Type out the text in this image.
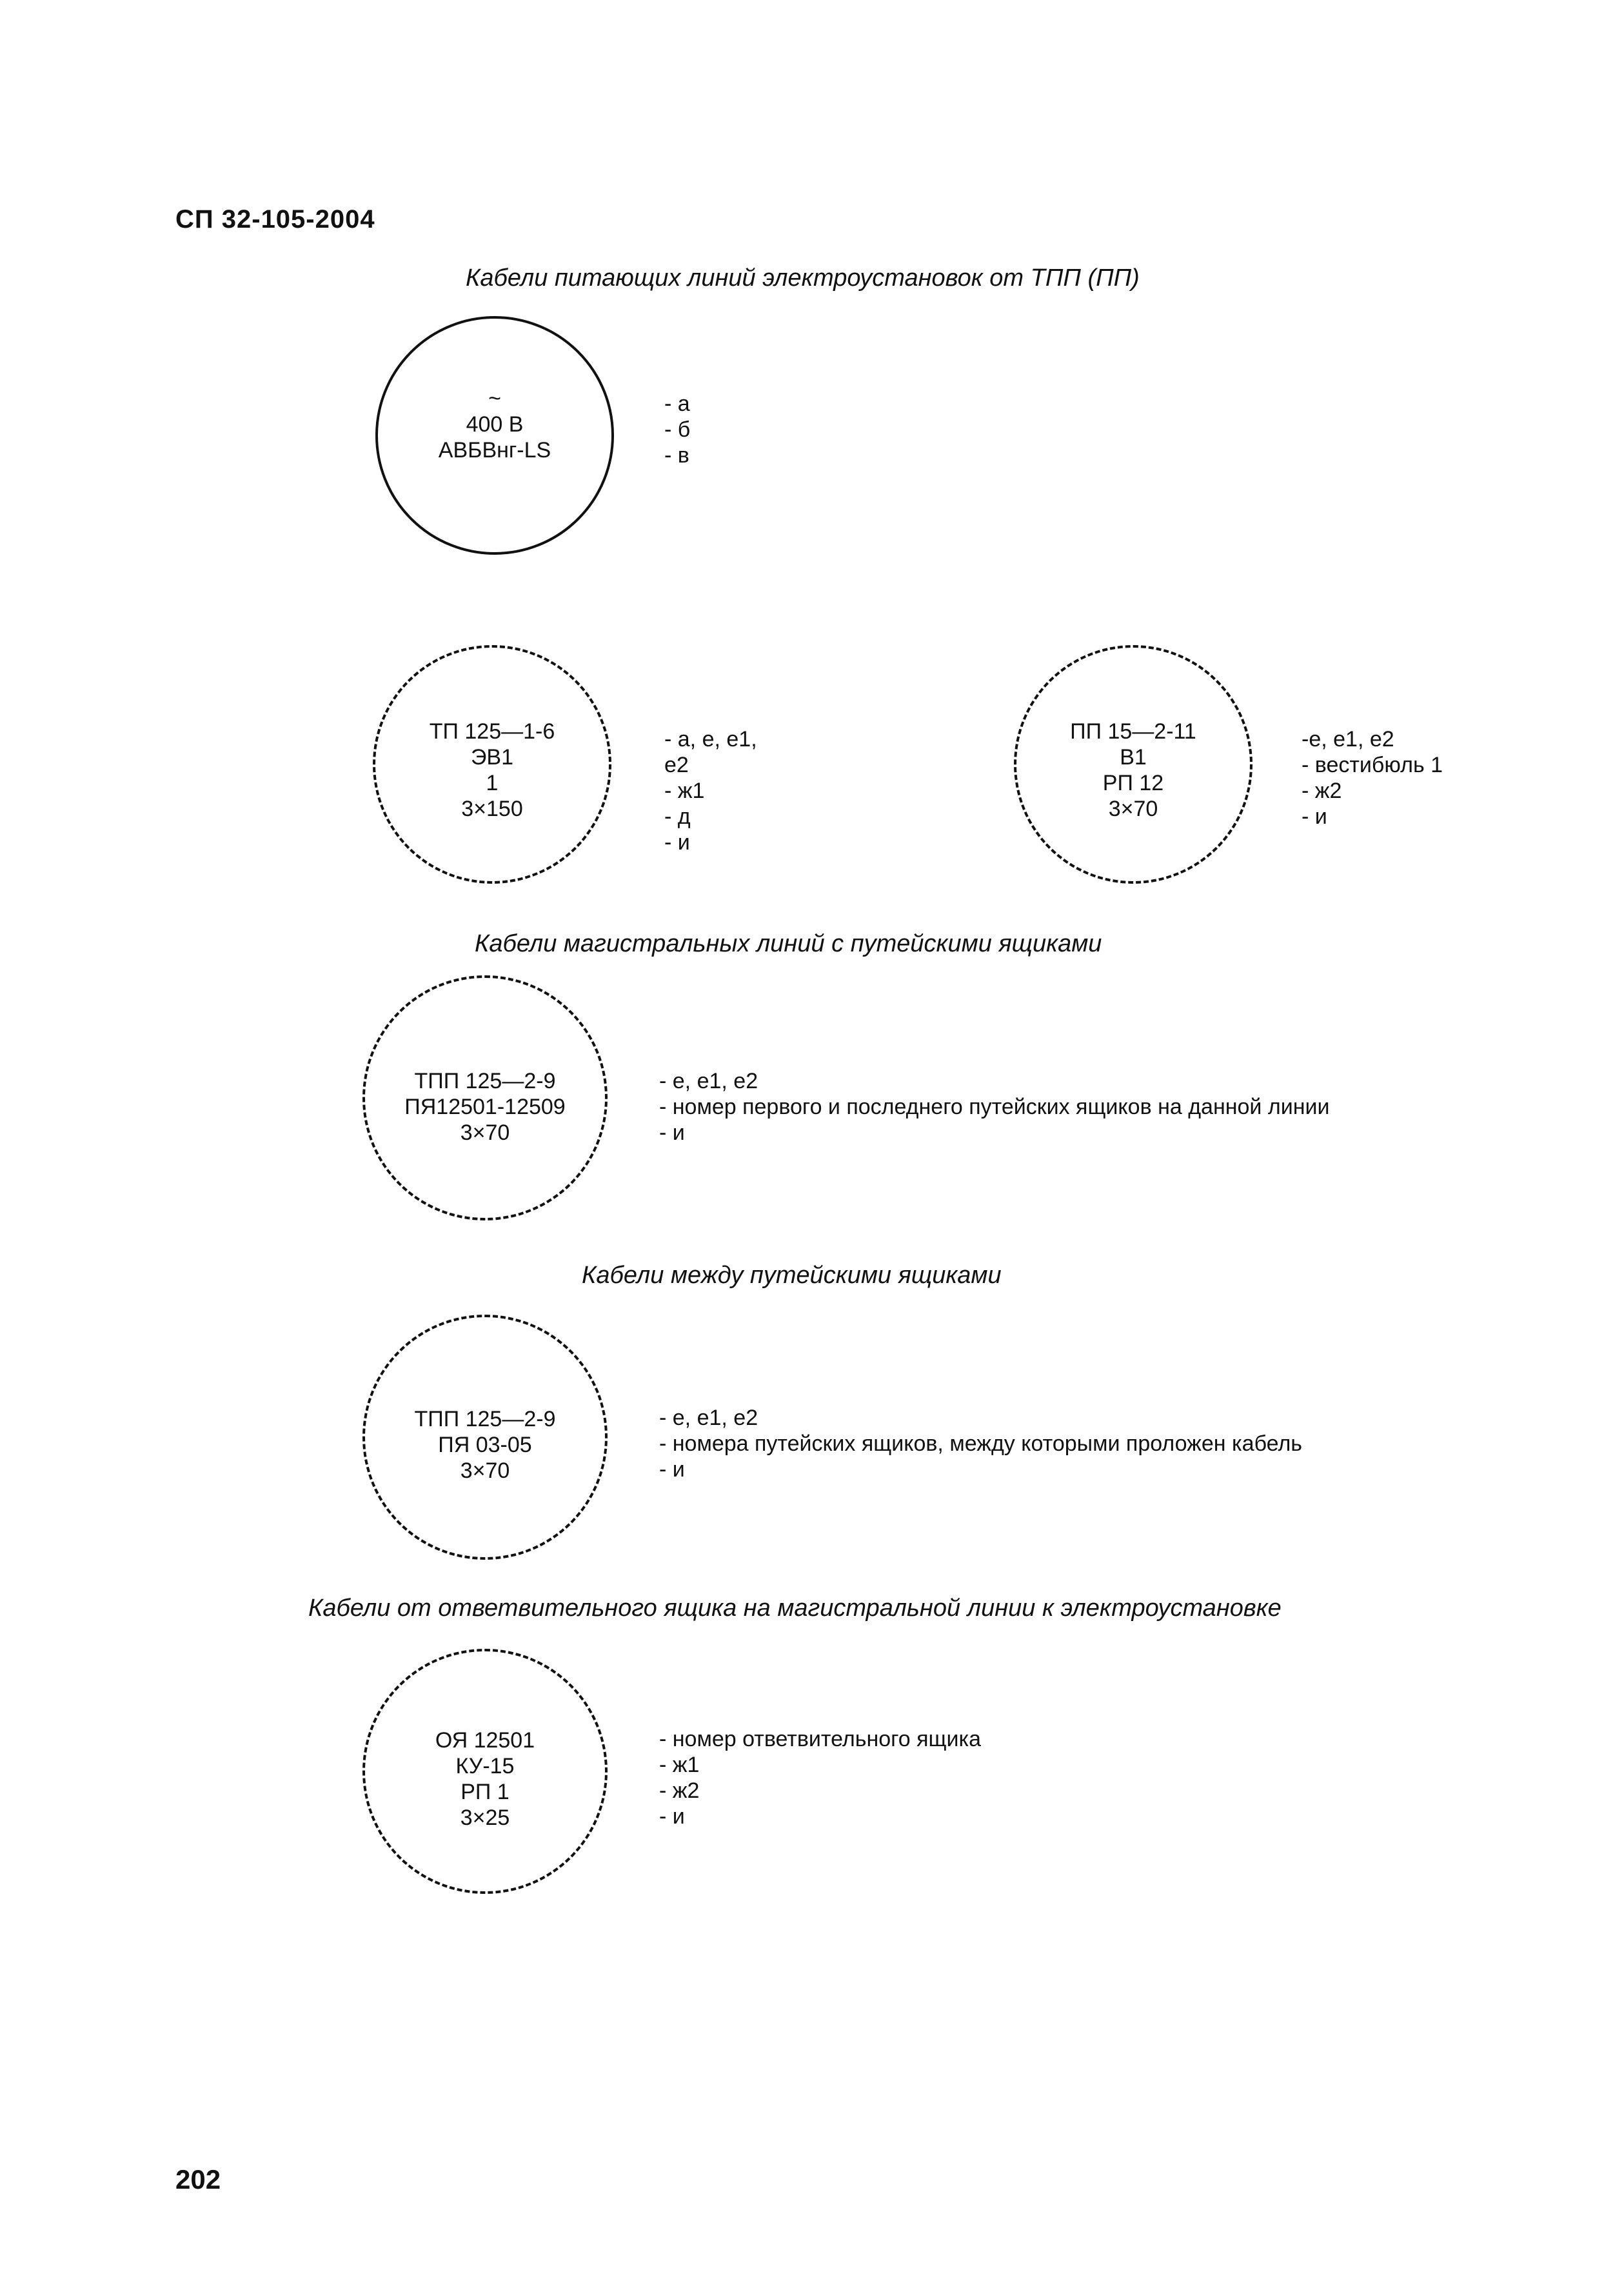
СП 32-105-2004
Кабели питающих линий электроустановок от ТПП (ПП)
~
400 В
АВБВнг-LS
- а
- б
- в
ТП 125—1-6
ЭВ1
1
3×150
- а, е, е1,
е2
- ж1
- д
- и
ПП 15—2-11
В1
РП 12
3×70
-е, е1, е2
- вестибюль 1
- ж2
- и
Кабели магистральных линий с путейскими ящиками
ТПП 125—2-9
ПЯ12501-12509
3×70
- е, е1, е2
- номер первого и последнего путейских ящиков на данной линии
- и
Кабели между путейскими ящиками
ТПП 125—2-9
ПЯ 03-05
3×70
- е, е1, е2
- номера путейских ящиков, между которыми проложен кабель
- и
Кабели от ответвительного ящика на магистральной линии к электроустановке
ОЯ 12501
КУ-15
РП 1
3×25
- номер ответвительного ящика
- ж1
- ж2
- и
202
